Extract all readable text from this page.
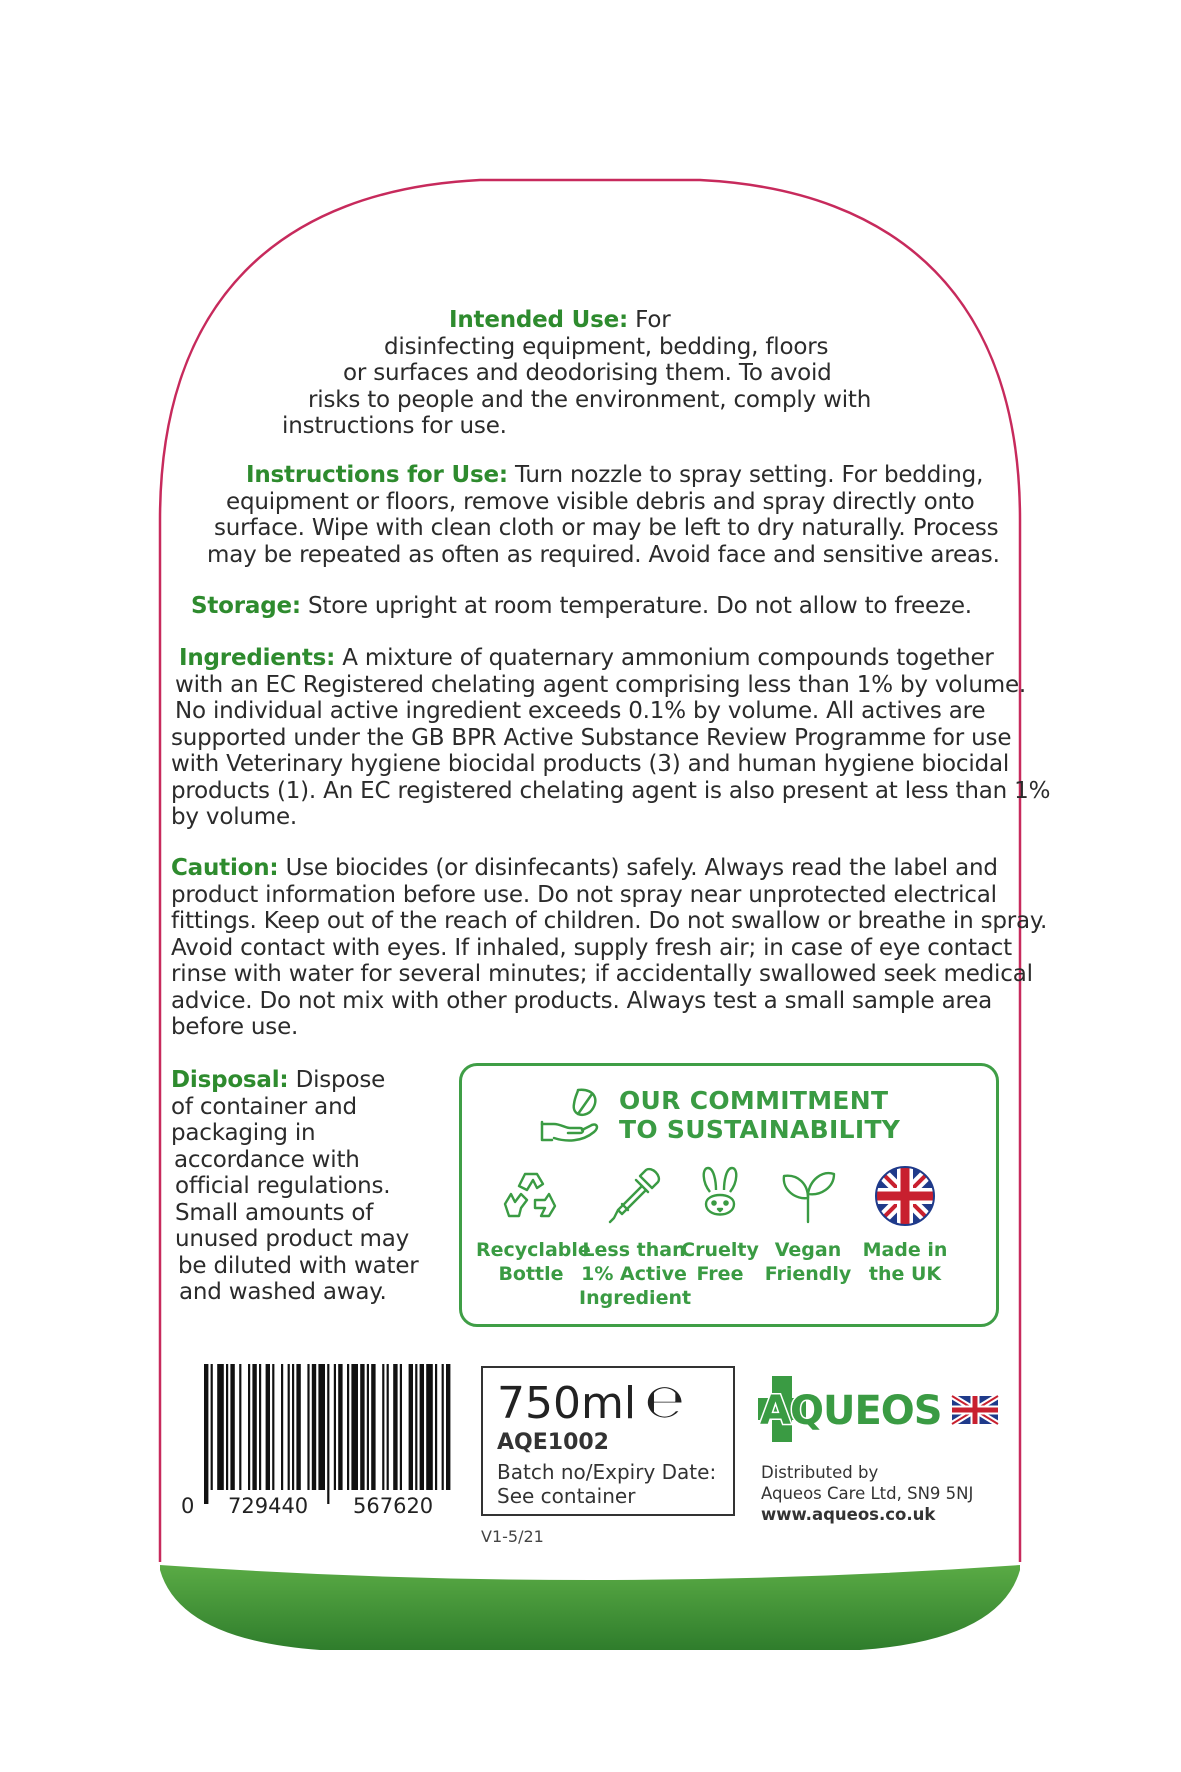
Intended Use: For
disinfecting equipment, bedding, floors
or surfaces and deodorising them. To avoid
risks to people and the environment, comply with
instructions for use.
Instructions for Use: Turn nozzle to spray setting. For bedding,
equipment or floors, remove visible debris and spray directly onto
surface. Wipe with clean cloth or may be left to dry naturally. Process
may be repeated as often as required. Avoid face and sensitive areas.
Storage: Store upright at room temperature. Do not allow to freeze.
Ingredients: A mixture of quaternary ammonium compounds together
with an EC Registered chelating agent comprising less than 1% by volume.
No individual active ingredient exceeds 0.1% by volume. All actives are
supported under the GB BPR Active Substance Review Programme for use
with Veterinary hygiene biocidal products (3) and human hygiene biocidal
products (1). An EC registered chelating agent is also present at less than 1%
by volume.
Caution: Use biocides (or disinfecants) safely. Always read the label and
product information before use. Do not spray near unprotected electrical
fittings. Keep out of the reach of children. Do not swallow or breathe in spray.
Avoid contact with eyes. If inhaled, supply fresh air; in case of eye contact
rinse with water for several minutes; if accidentally swallowed seek medical
advice. Do not mix with other products. Always test a small sample area
before use.
Disposal: Dispose
of container and
packaging in
accordance with
official regulations.
Small amounts of
unused product may
be diluted with water
and washed away.
OUR COMMITMENT
TO SUSTAINABILITY
Recyclable
Bottle
Less than
1% Active
Ingredient
Cruelty
Free
Vegan
Friendly
Made in
the UK
0 729440 567620
750ml ℮
AQE1002
Batch no/Expiry Date:
See container
V1-5/21
AQUEOS
Distributed by
Aqueos Care Ltd, SN9 5NJ
www.aqueos.co.uk
